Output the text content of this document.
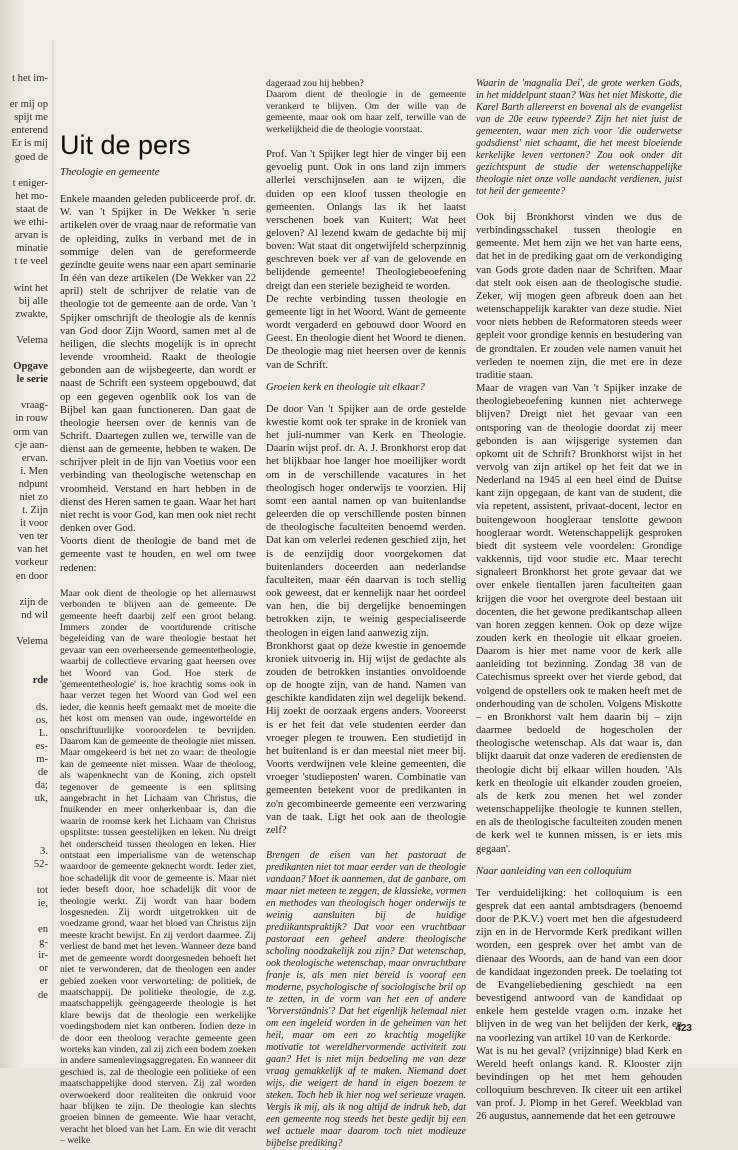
t het im-

er mij op
spijt me
enterend
Er is mij
goed de

t eniger-
het mo-
staat de
we ethi-
arvan is
minatie
t te veel

wint het
bij alle
zwakte,

Velema

Opgave
le serie

vraag-
in rouw
orm van
cje aan-
ervan.
i. Men
ndpunt
niet zo
t. Zijn
it voor
ven ter
van het
vorkeur
en door

zijn de
nd wil

Velema

rde

ds.
os.
L.
es-
m-
de
da;
uk,

3.
52-

tot
ie,

en
g-
ir-
or
er
de
Uit de pers
Theologie en gemeente

Enkele maanden geleden publiceerde prof. dr. W. van 't Spijker in De Wekker 'n serie artikelen over de vraag naar de reformatie van de opleiding, zulks in verband met de in sommige delen van de gereformeerde gezindte geuite wens naar een apart seminarie In één van deze artikelen (De Wekker van 22 april) stelt de schrijver de relatie van de theologie tot de gemeente aan de orde. Van 't Spijker omschrijft de theologie als de kennis van God door Zijn Woord, samen met al de heiligen, die slechts mogelijk is in oprecht levende vroomheid. Raakt de theologie gebonden aan de wijsbegeerte, dan wordt er naast de Schrift een systeem opgebouwd, dat op een gegeven ogenblik ook los van de Bijbel kan gaan functioneren. Dan gaat de theologie heersen over de kennis van de Schrift. Daartegen zullen we, terwille van de dienst aan de gemeente, hebben te waken. De schrijver pleit in de lijn van Voetius voor een verbinding van theologische wetenschap en vroomheid. Verstand en hart hebben in de dienst des Heren samen te gaan. Waar het hart niet recht is voor God, kan men ook niet recht denken over God.

Voorts dient de theologie de band met de gemeente vast te houden, en wel om twee redenen:

Maar ook dient de theologie op het allernauwst verbonden te blijven aan de gemeente. De gemeente heeft daarbij zelf een groot belang. Immers zonder de voortdurende critische begeleiding van de ware theologie bestaat het gevaar van een overheersende gemeentetheologie, waarbij de collectieve ervaring gaat heersen over het Woord van God. Hoe sterk de 'gemeentetheologie' is, hoe krachtig soms ook in haar verzet tegen het Woord van God wel een ieder, die kennis heeft gemaakt met de moeite die het kost om mensen van oude, ingewortelde en onschriftuurlijke vooroordelen te bevrijden. Daarom kan de gemeente de theologie niet missen. Maar omgekeerd is het net zo waar: de theologie kan de gemeente niet missen. Waar de theoloog, als wapenknecht van de Koning, zich opstelt tegenover de gemeente is een splitsing aangebracht in het Lichaam van Christus, die fnuikender en meer onherkenbaar is, dan die waarin de roomse kerk het Lichaam van Christus opsplitste: tussen geestelijken en leken. Nu dreigt het onderscheid tussen theologen en leken. Hier ontstaat een imperialisme van de wetenschap waardoor de gemeente geknecht wordt. Ieder ziet, hoe schadelijk dit voor de gemeente is. Maar niet ieder beseft door, hoe schadelijk dit voor de theologie werkt. Zij wordt van haar bodem losgesneden. Zij wordt uitgetrokken uit de voedzame grond, waar het bloed van Christus zijn meeste kracht bewijst. En zij verdort daarmee. Zij verliest de band met het leven. Wanneer deze band met de gemeente wordt doorgesneden behoeft het niet te verwonderen, dat de theologen een ander gebied zoeken voor verworteling: de politiek, de maatschappij. De politieke theologie, de z.g. maatschappelijk geëngageerde theologie is het klare bewijs dat de theologie een werkelijke voedingsbodem niet kan ontberen. Indien deze in de door een theoloog verachte gemeente geen worteks kan vinden, zal zij zich een bodem zoeken in andere samenlevingsaggregaten. En wanneer dit geschied is, zal de theologie een politieke of een maatschappelijke dood sterven. Zij zal worden overwoekerd door realiteiten die onkruid voor haar blijken te zijn. De theologie kan slechts groeien binnen de gemeente. Wie haar veracht, veracht het bloed van het Lam. En wie dit veracht – welke

dageraad zou hij hebben?

Daarom dient de theologie in de gemeente verankerd te blijven. Om der wille van de gemeente, maar ook om haar zelf, terwille van de werkelijkheid die de theologie voorstaat.

Prof. Van 't Spijker legt hier de vinger bij een gevoelig punt. Ook in ons land zijn immers allerlei verschijnselen aan te wijzen, die duiden op een kloof tussen theologie en gemeenten. Onlangs las ik het laatst verschenen boek van Kuitert; Wat heet geloven? Al lezend kwam de gedachte bij mij boven: Wat staat dit ongetwijfeld scherpzinnig geschreven boek ver af van de gelovende en belijdende gemeente! Theologiebeoefening dreigt dan een steriele bezigheid te worden.

De rechte verbinding tussen theologie en gemeente ligt in het Woord. Want de gemeente wordt vergaderd en gebouwd door Woord en Geest. En theologie dient het Woord te dienen. De theologie mag niet heersen over de kennis van de Schrift.

Groeien kerk en theologie uit elkaar?

De door Van 't Spijker aan de orde gestelde kwestie komt ook ter sprake in de kroniek van het juli-nummer van Kerk en Theologie. Daarin wijst prof. dr. A. J. Bronkhorst erop dat het blijkbaar hoe langer hoe moeilijker wordt om in de verschillende vacatures in het theologisch hoger onderwijs te voorzien. Hij somt een aantal namen op van buitenlandse geleerden die op verschillende posten binnen de theologische faculteiten benoemd werden. Dat kan om velerlei redenen geschied zijn, het is de eenzijdig door voorgekomen dat buitenlanders doceerden aan nederlandse faculteiten, maar één daarvan is toch stellig ook geweest, dat er kennelijk naar het oordeel van hen, die bij dergelijke benoemingen betrokken zijn, te weinig gespecialiseerde theologen in eigen land aanwezig zijn.

Bronkhorst gaat op deze kwestie in genoemde kroniek uitvoerig in. Hij wijst de gedachte als zouden de betrokken instanties onvoldoende op de hoogte zijn, van de hand. Namen van geschikte kandidaten zijn wel degelijk bekend. Hij zoekt de oorzaak ergens anders. Vooreerst is er het feit dat vele studenten eerder dan vroeger plegen te trouwen. Een studietijd in het buitenland is er dan meestal niet meer bij. Voorts verdwijnen vele kleine gemeenten, die vroeger 'studieposten' waren. Combinatie van gemeenten betekent voor de predikanten in zo'n gecombineerde gemeente een verzwaring van de taak. Ligt het ook aan de theologie zelf?

Brengen de eisen van het pastoraat de predikanten niet tot maar eerder van de theologie vandaan? Moet ik aannemen, dat de ganbare, om maar niet meteen te zeggen, de klassieke, vormen en methodes van theologisch hoger onderwijs te weinig aansluiten bij de huidige prediikantspraktijk? Dat voor een vruchtbaar pastoraat een geheel andere theologische scholing noodzakelijk zou zijn? Dat wetenschap, ook theologische wetenschap, maar onvruchtbare franje is, als men niet bereid is vooraf een moderne, psychologische of sociologische bril op te zetten, in de vorm van het een of andere 'Vorverständnis'? Dat het eigenlijk helemaal niet om een ingeleid worden in de geheimen van het heil, maar om een zo krachtig mogelijke motivatie tot wereldhervormende activiteit zou gaan? Het is niet mijn bedoeling me van deze vraag gemakkelijk af te maken. Niemand doet wijs, die weigert de hand in eigen boezem te steken. Toch heb ik hier nog wel serieuze vragen. Vergis ik mij, als ik nog altijd de indruk heb, dat een gemeente nog steeds het beste gedijt bij een wel actuele maar daarom toch niet modieuze bijbelse prediking?

Waarin de 'magnalia Dei', de grote werken Gods, in het middelpunt staan? Was het niet Miskotte, die Karel Barth allereerst en bovenal als de evangelist van de 20e eeuw typeerde? Zijn het niet juist de gemeenten, waar men zich voor 'die ouderwetse godsdienst' niet schaamt, die het meest bloeiende kerkelijke leven vertonen? Zou ook onder dit gezichtspunt de studie der wetenschappelijke theologie niet onze volle aandacht verdienen, juist tot heil der gemeente?

Ook bij Bronkhorst vinden we dus de verbindingsschakel tussen theologie en gemeente. Met hem zijn we het van harte eens, dat het in de prediking gaat om de verkondiging van Gods grote daden naar de Schriften. Maar dat stelt ook eisen aan de theologische studie. Zeker, wij mogen geen afbreuk doen aan het wetenschappelijk karakter van deze studie. Niet voor niets hebben de Reformatoren steeds weer gepleit voor grondige kennis en bestudering van de grondtalen. Er zouden vele namen vanuit het verleden te noemen zijn, die met ere in deze traditie staan.

Maar de vragen van Van 't Spijker inzake de theologiebeoefening kunnen niet achterwege blijven? Dreigt niet het gevaar van een ontsporing van de theologie doordat zij meer gebonden is aan wijsgerige systemen dan opkomt uit de Schrift? Bronkhorst wijst in het vervolg van zijn artikel op het feit dat we in Nederland na 1945 al een heel eind de Duitse kant zijn opgegaan, de kant van de student, die via repetent, assistent, privaat-docent, lector en buitengewoon hoogleraar tenslotte gewoon hoogleraar wordt. Wetenschappelijk gesproken biedt dit systeem vele voordelen: Grondige vakkennis, tijd voor studie etc. Maar terecht signaleert Bronkhorst het grote gevaar dat we over enkele tientallen jaren faculteiten gaan krijgen die voor het overgrote deel bestaan uit docenten, die het gewone predikantschap alleen van horen zeggen kennen. Ook op deze wijze zouden kerk en theologie uit elkaar groeien. Daarom is hier met name voor de kerk alle aanleiding tot bezinning. Zondag 38 van de Catechismus spreekt over het vierde gebod, dat volgend de opstellers ook te maken heeft met de onderhouding van de scholen. Volgens Miskotte – en Bronkhorst valt hem daarin bij – zijn daarmee bedoeld de hogescholen der theologische wetenschap. Als dat waar is, dan blijkt daaruit dat onze vaderen de erediensten de theologie dicht bij elkaar willen houden. 'Als kerk en theologie uit elkander zouden groeien, als de kerk zou menen het wel zonder wetenschappelijke theologie te kunnen stellen, en als de theologische faculteiten zouden menen de kerk wel te kunnen missen, is er iets mis gegaan'.

Naar aanleiding van een colloquium

Ter verduidelijking: het colloquium is een gesprek dat een aantal ambtsdragers (benoemd door de P.K.V.) voert met hen die afgestudeerd zijn en in de Hervormde Kerk predikant willen worden, een gesprek over het ambt van de dienaar des Woords, aan de hand van een door de kandidaat ingezonden preek. De toelating tot de Evangeliebediening geschiedt na een bevestigend antwoord van de kandidaat op enkele hem gestelde vragen o.m. inzake het blijven in de weg van het belijden der kerk, en na voorlezing van artikel 10 van de Kerkorde.

Wat is nu het geval? (vrijzinnige) blad Kerk en Wereld heeft onlangs kand. R. Klooster zijn bevindingen op het met hem gehouden colloquium beschreven. Ik citeer uit een artikel van prof. J. Plomp in het Geref. Weekblad van 26 augustus, aannemende dat het een getrouwe

423
